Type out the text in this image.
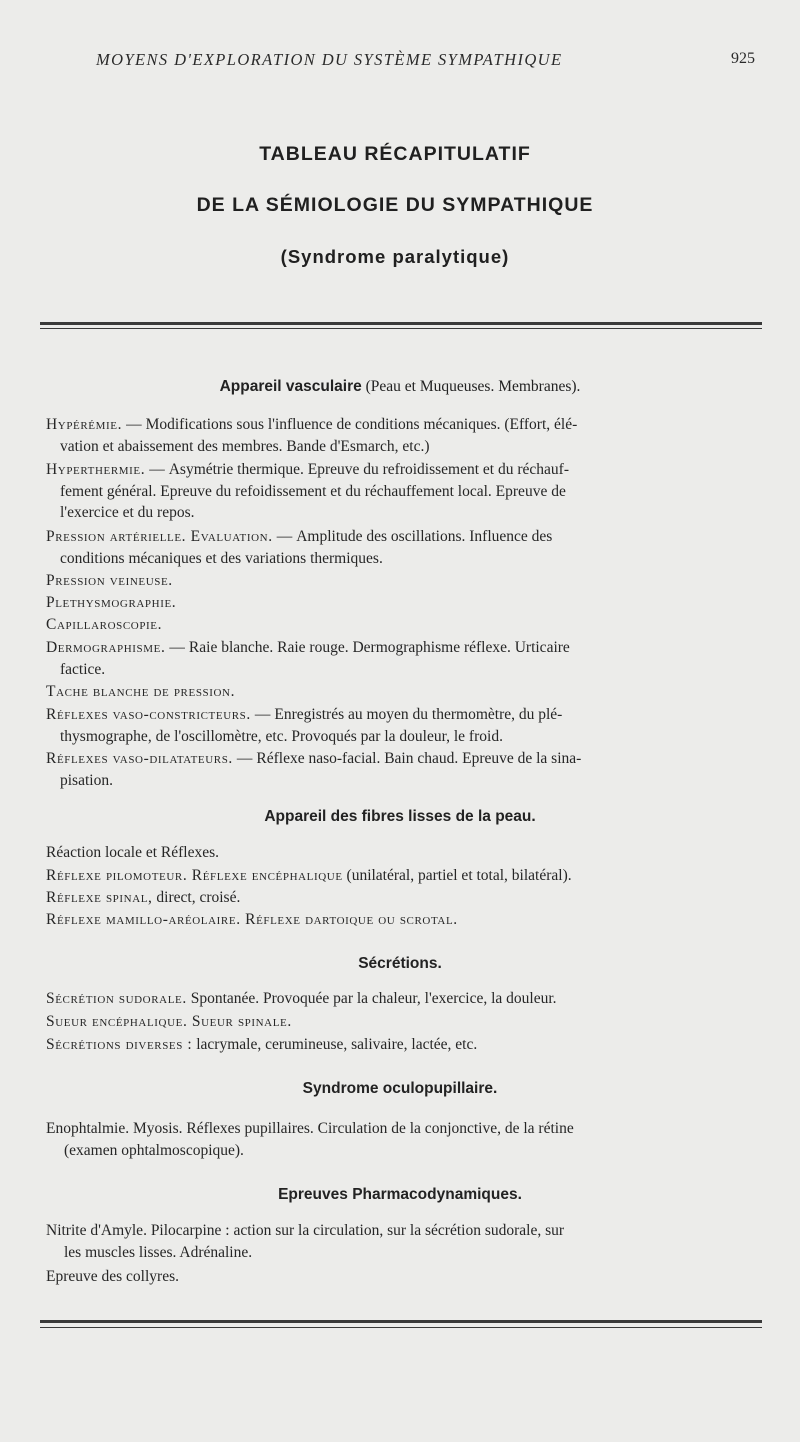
MOYENS D'EXPLORATION DU SYSTÈME SYMPATHIQUE	925
TABLEAU RÉCAPITULATIF
DE LA SÉMIOLOGIE DU SYMPATHIQUE
(Syndrome paralytique)
Appareil vasculaire (Peau et Muqueuses. Membranes).
Hypérémie. — Modifications sous l'influence de conditions mécaniques. (Effort, élé-
vation et abaissement des membres. Bande d'Esmarch, etc.)
Hyperthermie. — Asymétrie thermique. Epreuve du refroidissement et du réchauf-
fement général. Epreuve du refoidissement et du réchauffement local. Epreuve de
l'exercice et du repos.
Pression artérielle. Evaluation. — Amplitude des oscillations. Influence des
conditions mécaniques et des variations thermiques.
Pression veineuse.
Plethysmographie.
Capillaroscopie.
Dermographisme. — Raie blanche. Raie rouge. Dermographisme réflexe. Urticaire
factice.
Tache blanche de pression.
Réflexes vaso-constricteurs. — Enregistrés au moyen du thermomètre, du plé-
thysmographe, de l'oscillomètre, etc. Provoqués par la douleur, le froid.
Réflexes vaso-dilatateurs. — Réflexe naso-facial. Bain chaud. Epreuve de la sina-
pisation.
Appareil des fibres lisses de la peau.
Réaction locale et Réflexes.
Réflexe pilomoteur. Réflexe encéphalique (unilatéral, partiel et total, bilatéral).
Réflexe spinal, direct, croisé.
Réflexe mamillo-aréolaire. Réflexe dartoique ou scrotal.
Sécrétions.
Sécrétion sudorale. Spontanée. Provoquée par la chaleur, l'exercice, la douleur.
Sueur encéphalique. Sueur spinale.
Sécrétions diverses : lacrymale, cerumineuse, salivaire, lactée, etc.
Syndrome oculopupillaire.
Enophtalmie. Myosis. Réflexes pupillaires. Circulation de la conjonctive, de la rétine
(examen ophtalmoscopique).
Epreuves Pharmacodynamiques.
Nitrite d'Amyle. Pilocarpine : action sur la circulation, sur la sécrétion sudorale, sur
les muscles lisses. Adrénaline.
Epreuve des collyres.
